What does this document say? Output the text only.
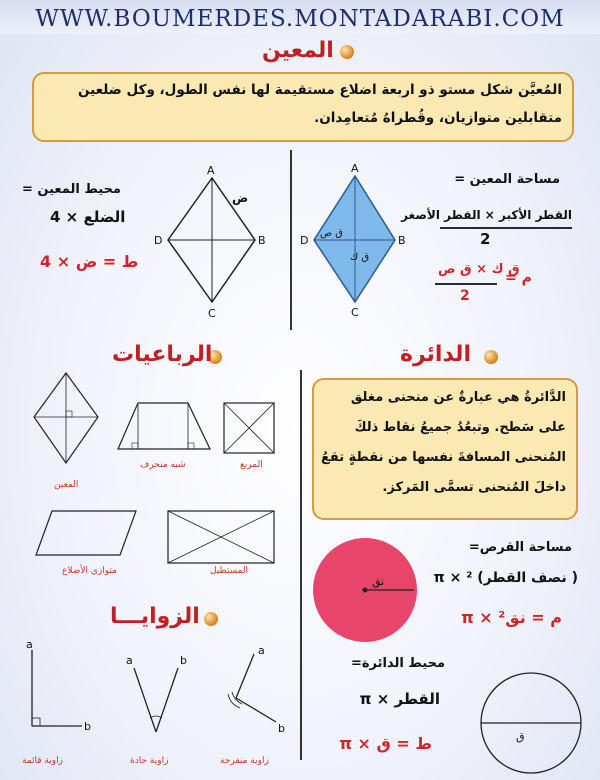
WWW.BOUMERDES.MONTADARABI.COM
المعين
المُعيَّن شكل مستو ذو اربعة اضلاع مستقيمة لها نفس الطول، وكل ضلعين
متقابلين متوازيان، وقُطراهُ مُتعامِدان.
محيط المعين =
الضلع × 4
ط = ض × 4
A
B
C
D
ض
مساحة المعين =
القطر الأكبر × القطر الأصغر
2
م =
ق ك × ق ص
2
A
B
C
D
ق ص
ق ك
الرباعيات
المعين
شبه منحرف	المربع
متوازي الأضلاع	المستطيل
الدائرة
الدَّائرةُ هي عبارةٌ عن منحنى مغلق
على سَطح. وتبعُدُ جميعُ نقاط ذلكَ
المُنحنى المسافةَ نفسها من نقطةٍ تقعُ
داخلَ المُنحنى تسمَّى المَركز.
نق
مساحة القرص=
( نصف القطر) ² × π
م = نق² × π
محيط الدائرة=
القطر × π
ط = ق × π	ق
الزوايـــا
a
b
a	b
a
b
زاوية قائمة	زاوية حادة	زاوية منفرجة
